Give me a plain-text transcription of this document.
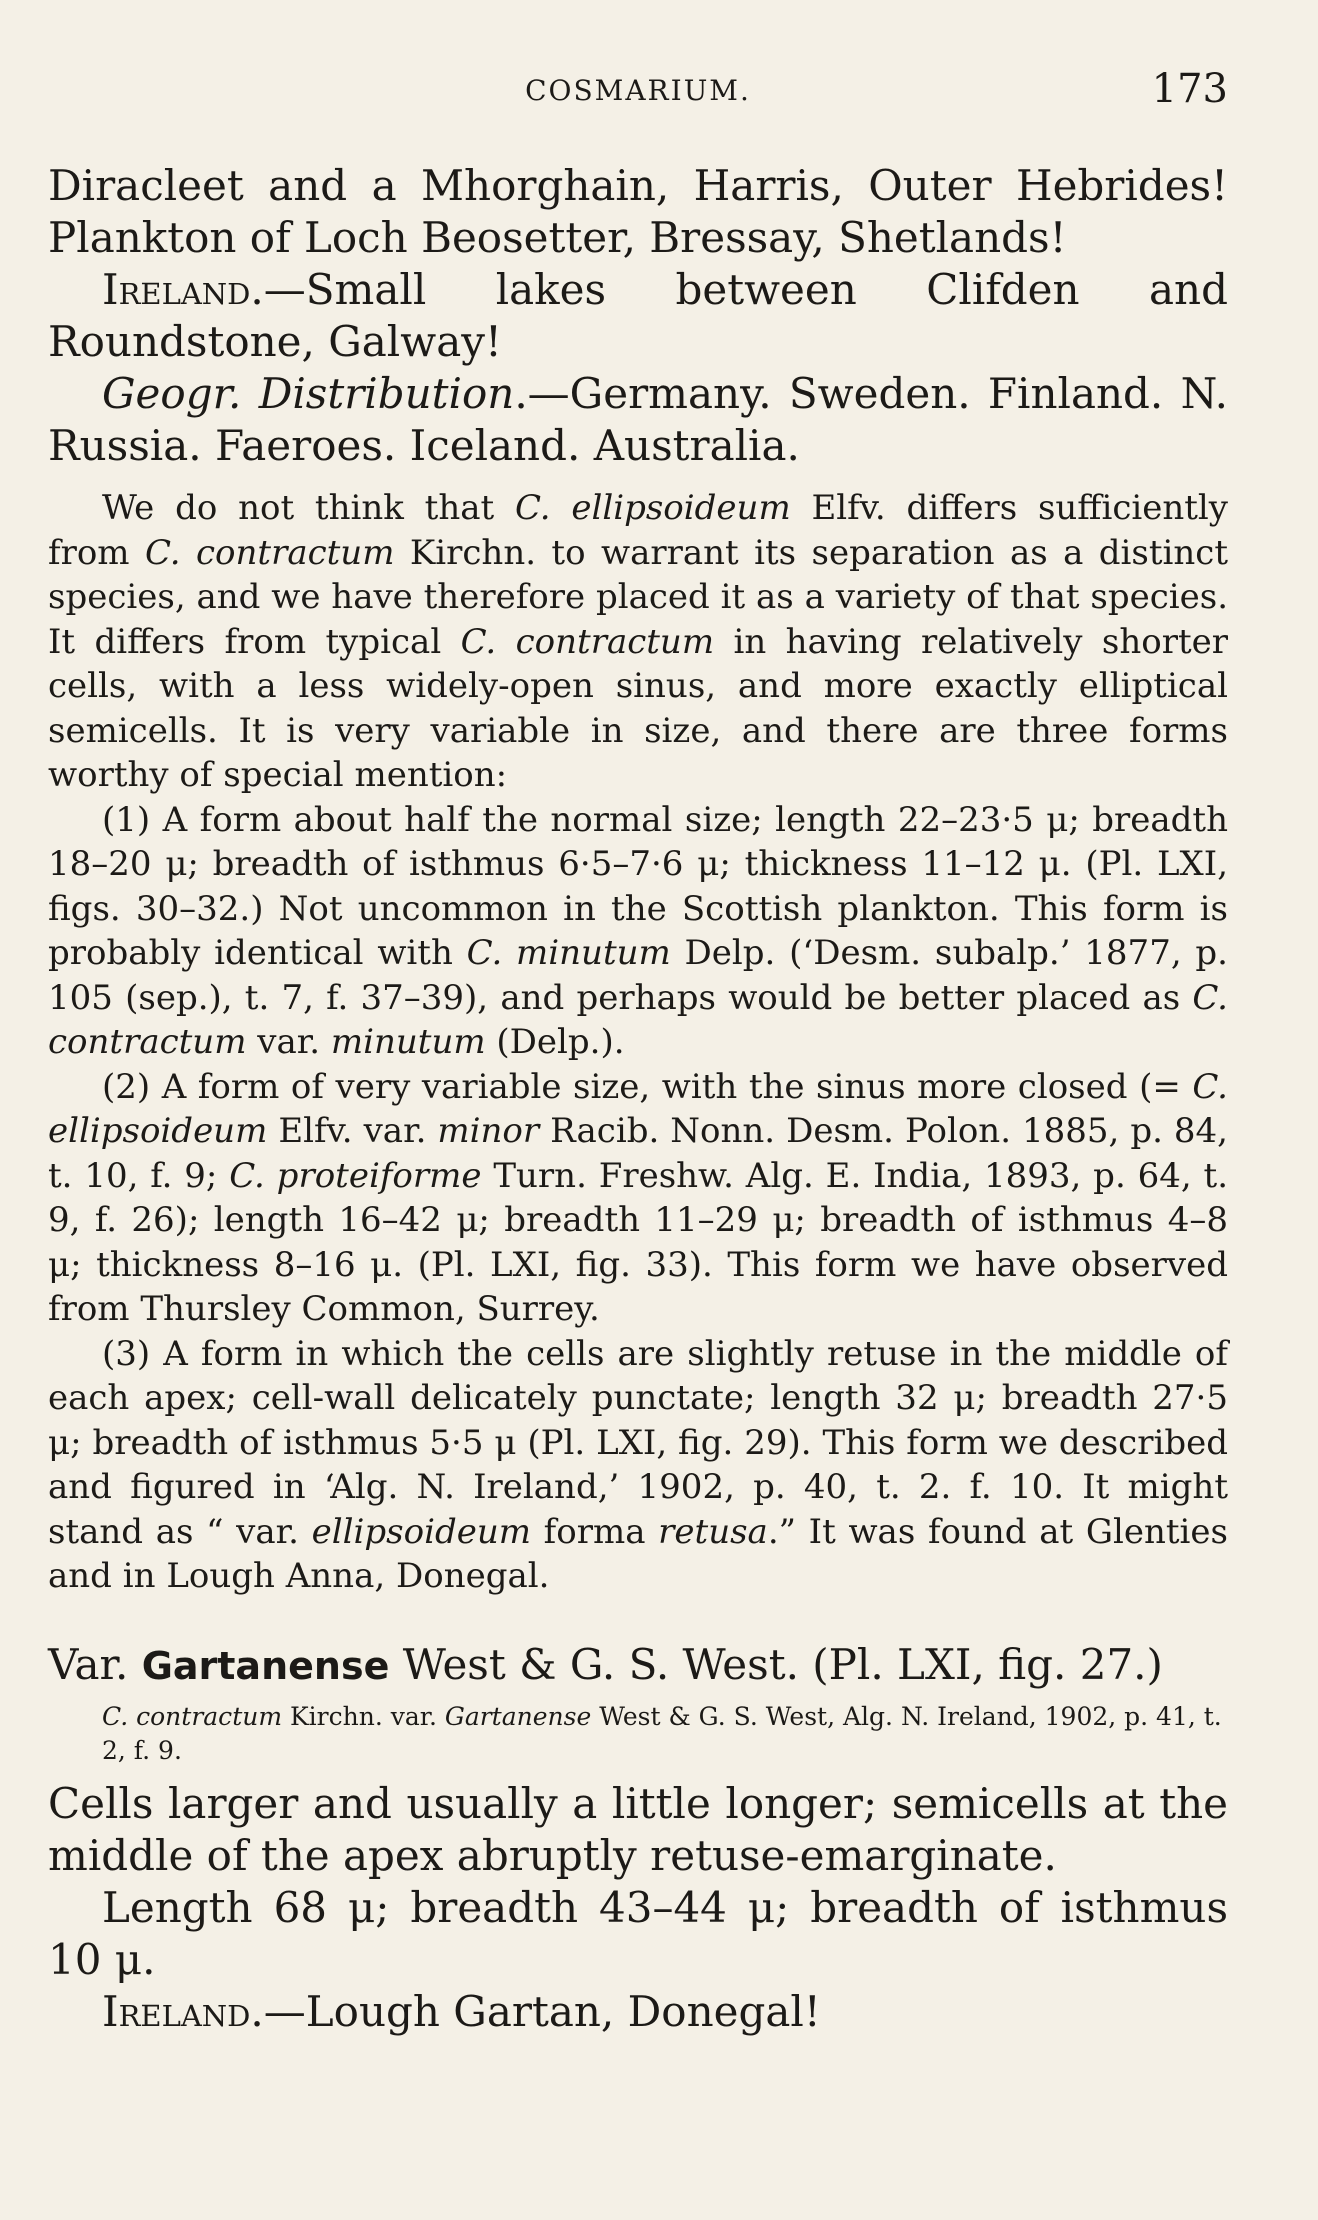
COSMARIUM.	173

Diracleet and a Mhorghain, Harris, Outer Hebrides! Plankton of Loch Beosetter, Bressay, Shetlands!

Ireland.—Small lakes between Clifden and Roundstone, Galway!

Geogr. Distribution.—Germany. Sweden. Finland. N. Russia. Faeroes. Iceland. Australia.

We do not think that C. ellipsoideum Elfv. differs sufficiently from C. contractum Kirchn. to warrant its separation as a distinct species, and we have therefore placed it as a variety of that species. It differs from typical C. contractum in having relatively shorter cells, with a less widely-open sinus, and more exactly elliptical semicells. It is very variable in size, and there are three forms worthy of special mention:

(1) A form about half the normal size; length 22–23·5 μ; breadth 18–20 μ; breadth of isthmus 6·5–7·6 μ; thickness 11–12 μ. (Pl. LXI, figs. 30–32.) Not uncommon in the Scottish plankton. This form is probably identical with C. minutum Delp. (‘Desm. subalp.’ 1877, p. 105 (sep.), t. 7, f. 37–39), and perhaps would be better placed as C. contractum var. minutum (Delp.).

(2) A form of very variable size, with the sinus more closed (= C. ellipsoideum Elfv. var. minor Racib. Nonn. Desm. Polon. 1885, p. 84, t. 10, f. 9; C. proteiforme Turn. Freshw. Alg. E. India, 1893, p. 64, t. 9, f. 26); length 16–42 μ; breadth 11–29 μ; breadth of isthmus 4–8 μ; thickness 8–16 μ. (Pl. LXI, fig. 33). This form we have observed from Thursley Common, Surrey.

(3) A form in which the cells are slightly retuse in the middle of each apex; cell-wall delicately punctate; length 32 μ; breadth 27·5 μ; breadth of isthmus 5·5 μ (Pl. LXI, fig. 29). This form we described and figured in ‘Alg. N. Ireland,’ 1902, p. 40, t. 2. f. 10. It might stand as “ var. ellipsoideum forma retusa.” It was found at Glenties and in Lough Anna, Donegal.

Var. Gartanense West & G. S. West. (Pl. LXI, fig. 27.)

C. contractum Kirchn. var. Gartanense West & G. S. West, Alg. N. Ireland, 1902, p. 41, t. 2, f. 9.

Cells larger and usually a little longer; semicells at the middle of the apex abruptly retuse-emarginate.

Length 68 μ; breadth 43–44 μ; breadth of isthmus 10 μ.

Ireland.—Lough Gartan, Donegal!
